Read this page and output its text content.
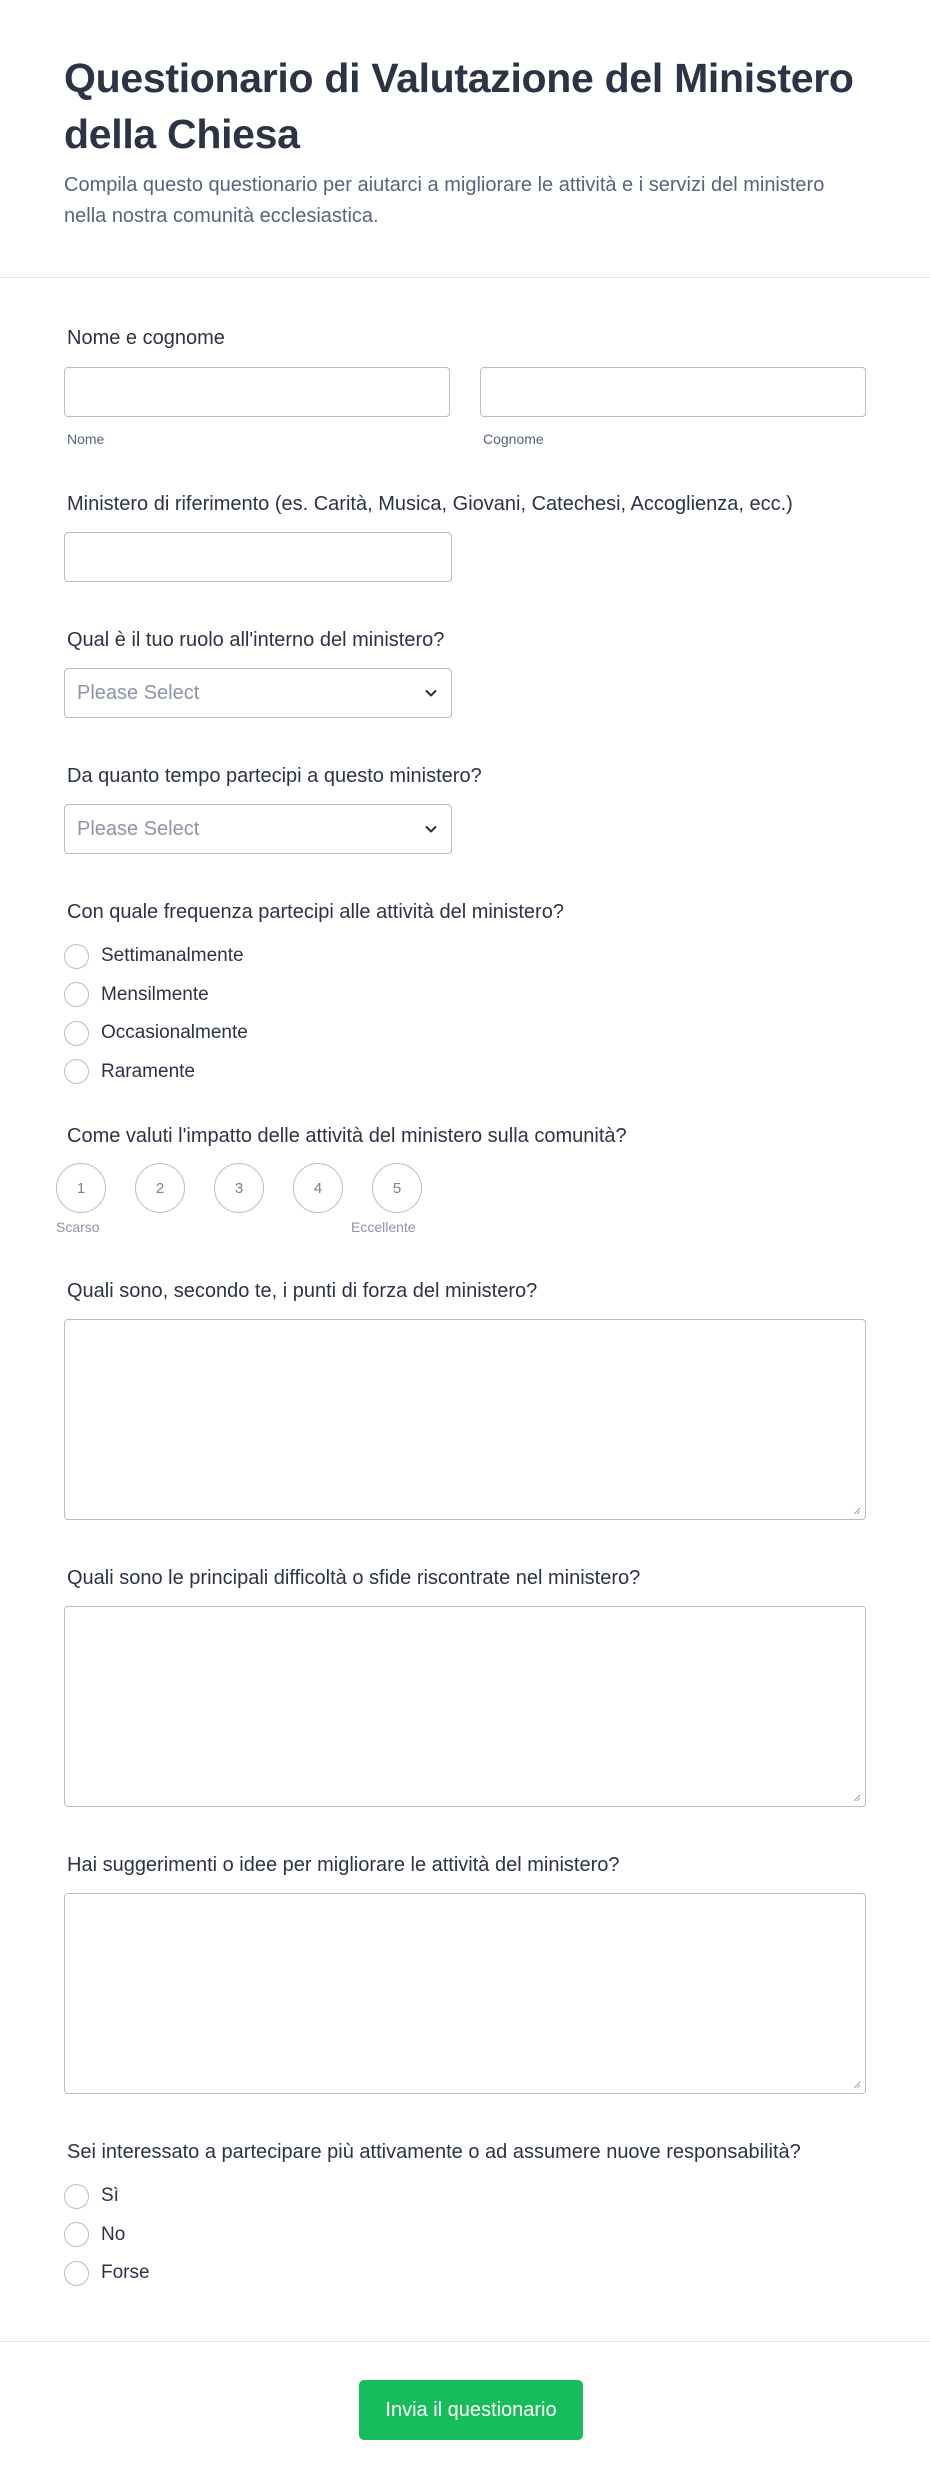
Questionario di Valutazione del Ministero della Chiesa

Compila questo questionario per aiutarci a migliorare le attività e i servizi del ministero nella nostra comunità ecclesiastica.

Nome e cognome
Nome	Cognome
Ministero di riferimento (es. Carità, Musica, Giovani, Catechesi, Accoglienza, ecc.)
Qual è il tuo ruolo all'interno del ministero?
Please Select
Da quanto tempo partecipi a questo ministero?
Please Select
Con quale frequenza partecipi alle attività del ministero?
Settimanalmente
Mensilmente
Occasionalmente
Raramente
Come valuti l'impatto delle attività del ministero sulla comunità?
1	2	3	4	5
Scarso	Eccellente
Quali sono, secondo te, i punti di forza del ministero?
Quali sono le principali difficoltà o sfide riscontrate nel ministero?
Hai suggerimenti o idee per migliorare le attività del ministero?
Sei interessato a partecipare più attivamente o ad assumere nuove responsabilità?
Sì
No
Forse
Invia il questionario
